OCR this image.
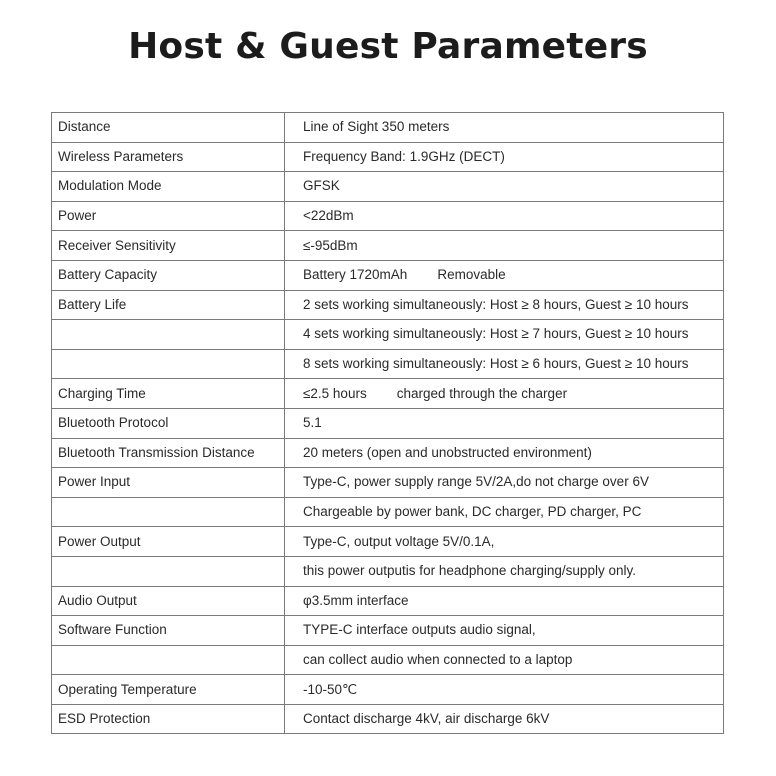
Host & Guest Parameters
Distance	Line of Sight 350 meters
Wireless Parameters	Frequency Band: 1.9GHz (DECT)
Modulation Mode	GFSK
Power	<22dBm
Receiver Sensitivity	≤-95dBm
Battery Capacity	Battery 1720mAh        Removable
Battery Life	2 sets working simultaneously: Host ≥ 8 hours, Guest ≥ 10 hours
	4 sets working simultaneously: Host ≥ 7 hours, Guest ≥ 10 hours
	8 sets working simultaneously: Host ≥ 6 hours, Guest ≥ 10 hours
Charging Time	≤2.5 hours        charged through the charger
Bluetooth Protocol	5.1
Bluetooth Transmission Distance	20 meters (open and unobstructed environment)
Power Input	Type-C, power supply range 5V/2A,do not charge over 6V
	Chargeable by power bank, DC charger, PD charger, PC
Power Output	Type-C, output voltage 5V/0.1A,
	this power outputis for headphone charging/supply only.
Audio Output	φ3.5mm interface
Software Function	TYPE-C interface outputs audio signal,
	can collect audio when connected to a laptop
Operating Temperature	-10-50℃
ESD Protection	Contact discharge 4kV, air discharge 6kV
